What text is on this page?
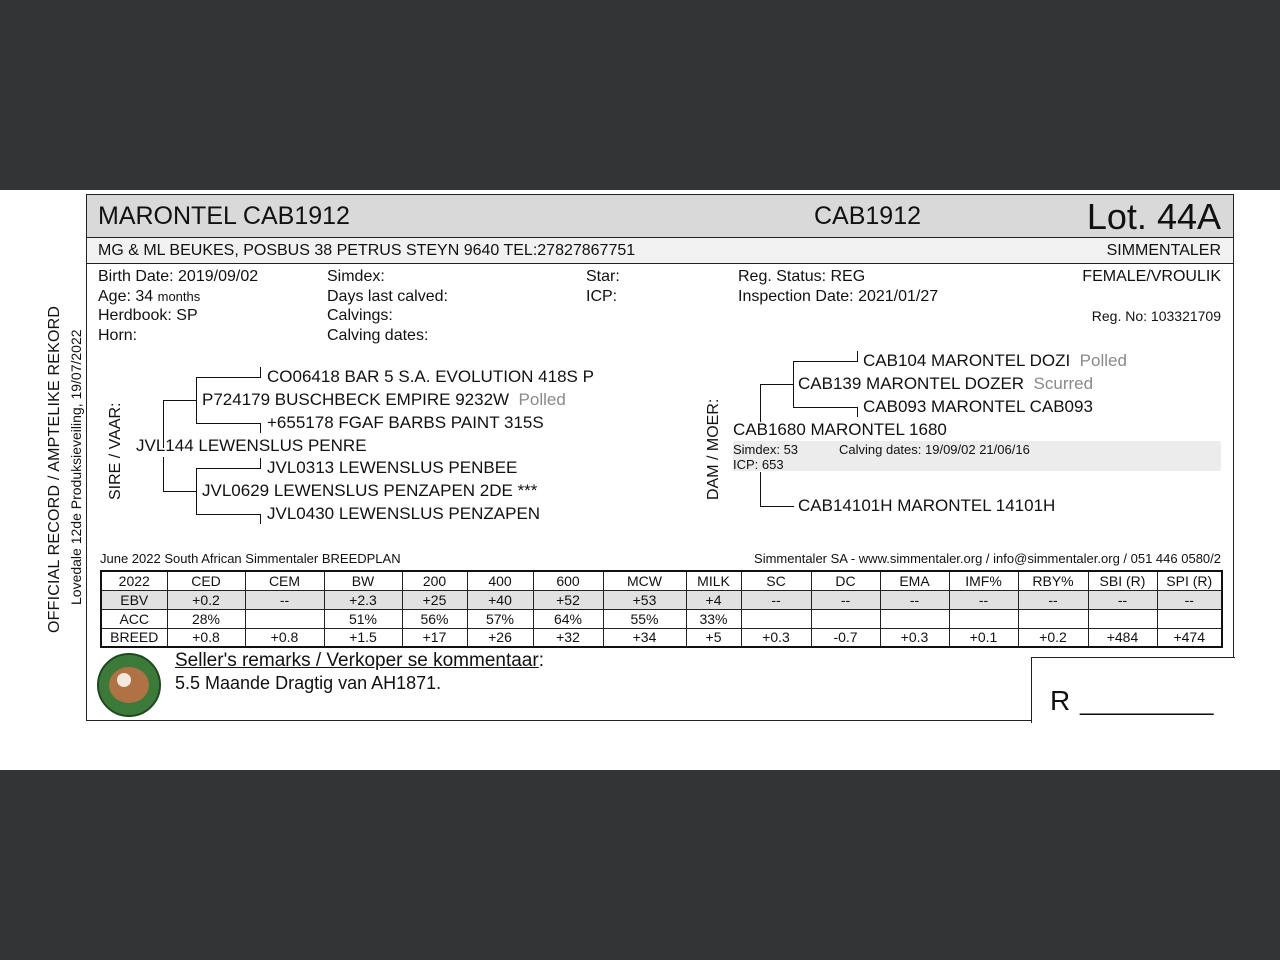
OFFICIAL RECORD / AMPTELIKE REKORD Lovedale 12de Produksieveiling, 19/07/2022
MARONTEL CAB1912	CAB1912	Lot. 44A
MG & ML BEUKES, POSBUS 38 PETRUS STEYN 9640 TEL:27827867751	SIMMENTALER
Birth Date: 2019/09/02
Age: 34 months
Herdbook: SP
Horn:
Simdex:
Days last calved:
Calvings:
Calving dates:
Star:
ICP:
Reg. Status: REG
Inspection Date: 2021/01/27
FEMALE/VROULIK
Reg. No: 103321709
SIRE / VAAR:
CO06418 BAR 5 S.A. EVOLUTION 418S P
P724179 BUSCHBECK EMPIRE 9232W Polled
+655178 FGAF BARBS PAINT 315S
JVL144 LEWENSLUS PENRE
JVL0313 LEWENSLUS PENBEE
JVL0629 LEWENSLUS PENZAPEN 2DE ***
JVL0430 LEWENSLUS PENZAPEN
DAM / MOER:
CAB104 MARONTEL DOZI Polled
CAB139 MARONTEL DOZER Scurred
CAB093 MARONTEL CAB093
CAB1680 MARONTEL 1680
Simdex: 53	Calving dates: 19/09/02 21/06/16
ICP: 653
CAB14101H MARONTEL 14101H
June 2022 South African Simmentaler BREEDPLAN	Simmentaler SA - www.simmentaler.org / info@simmentaler.org / 051 446 0580/2
2022	CED	CEM	BW	200	400	600	MCW	MILK	SC	DC	EMA	IMF%	RBY%	SBI (R)	SPI (R)
EBV	+0.2	--	+2.3	+25	+40	+52	+53	+4	--	--	--	--	--	--	--
ACC	28%		51%	56%	57%	64%	55%	33%							
BREED	+0.8	+0.8	+1.5	+17	+26	+32	+34	+5	+0.3	-0.7	+0.3	+0.1	+0.2	+484	+474
Seller's remarks / Verkoper se kommentaar:
5.5 Maande Dragtig van AH1871.
R __________
